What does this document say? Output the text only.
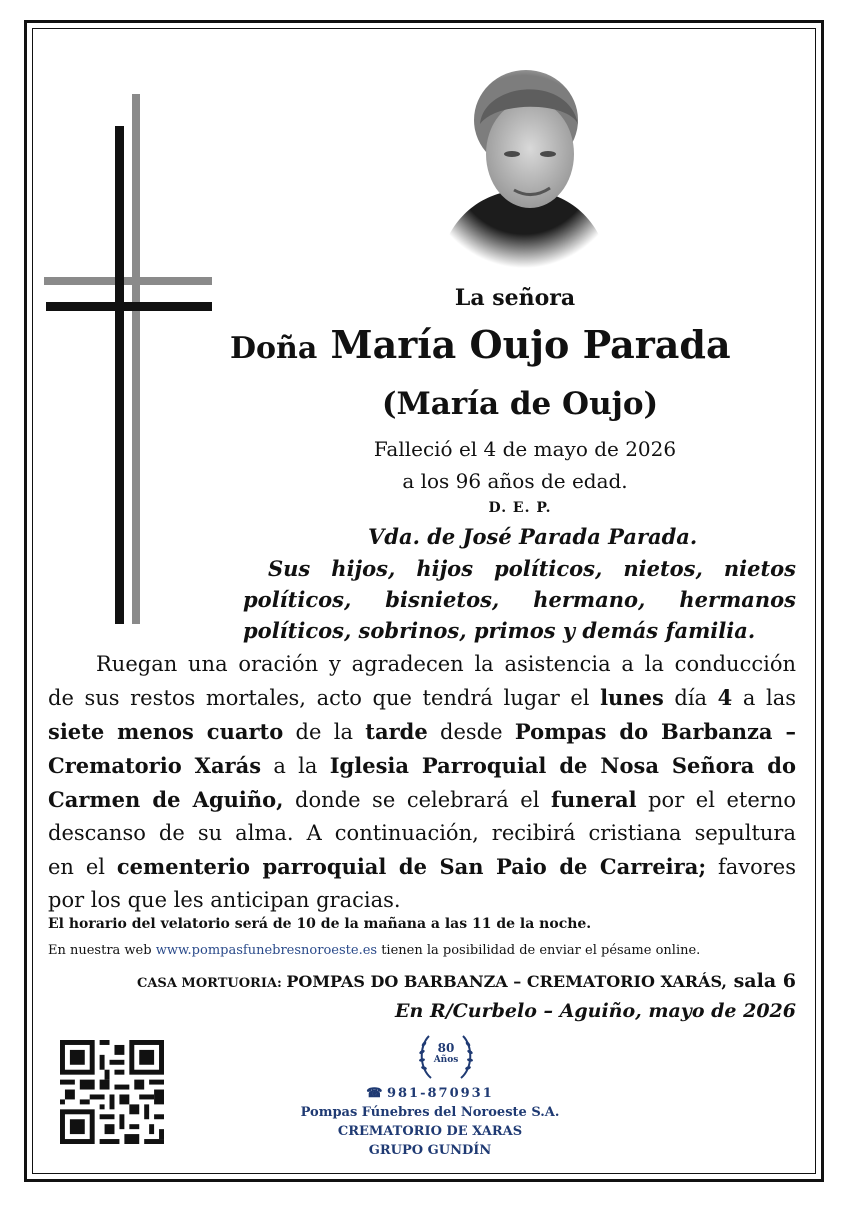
La señora
Doña María Oujo Parada
(María de Oujo)
Falleció el 4 de mayo de 2026
a los 96 años de edad.
D. E. P.
Vda. de José Parada Parada.
Sus hijos, hijos políticos, nietos, nietos
políticos, bisnietos, hermano, hermanos
políticos, sobrinos, primos y demás familia.
Ruegan una oración y agradecen la asistencia a la conducción
de sus restos mortales, acto que tendrá lugar el lunes día 4 a las
siete menos cuarto de la tarde desde Pompas do Barbanza –
Crematorio Xarás a la Iglesia Parroquial de Nosa Señora do
Carmen de Aguiño, donde se celebrará el funeral por el eterno
descanso de su alma. A continuación, recibirá cristiana sepultura
en el cementerio parroquial de San Paio de Carreira; favores
por los que les anticipan gracias.
El horario del velatorio será de 10 de la mañana a las 11 de la noche.
En nuestra web www.pompasfunebresnoroeste.es tienen la posibilidad de enviar el pésame online.
CASA MORTUORIA: POMPAS DO BARBANZA – CREMATORIO XARÁS, sala 6
En R/Curbelo – Aguiño, mayo de 2026
80
Años
☎ 981-870931
Pompas Fúnebres del Noroeste S.A.
CREMATORIO DE XARAS
GRUPO GUNDÍN
